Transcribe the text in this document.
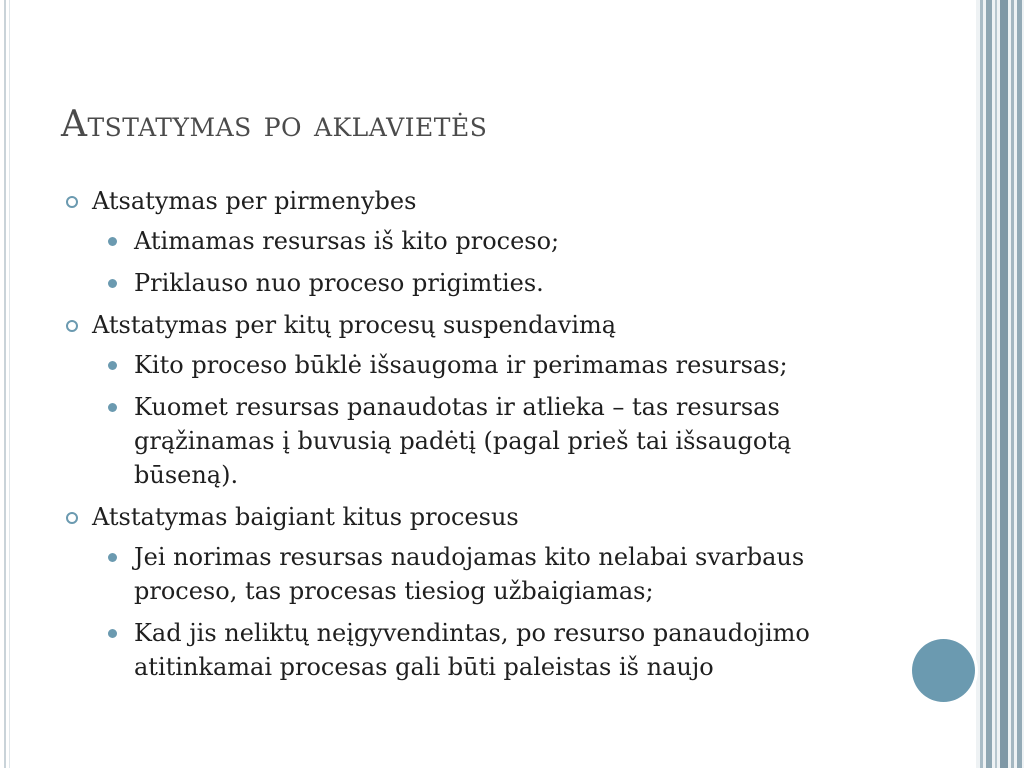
Atstatymas po aklavietės
Atsatymas per pirmenybes
Atimamas resursas iš kito proceso;
Priklauso nuo proceso prigimties.
Atstatymas per kitų procesų suspendavimą
Kito proceso būklė išsaugoma ir perimamas resursas;
Kuomet resursas panaudotas ir atlieka – tas resursas grąžinamas į buvusią padėtį (pagal prieš tai išsaugotą būseną).
Atstatymas baigiant kitus procesus
Jei norimas resursas naudojamas kito nelabai svarbaus proceso, tas procesas tiesiog užbaigiamas;
Kad jis neliktų neįgyvendintas, po resurso panaudojimo atitinkamai procesas gali būti paleistas iš naujo
